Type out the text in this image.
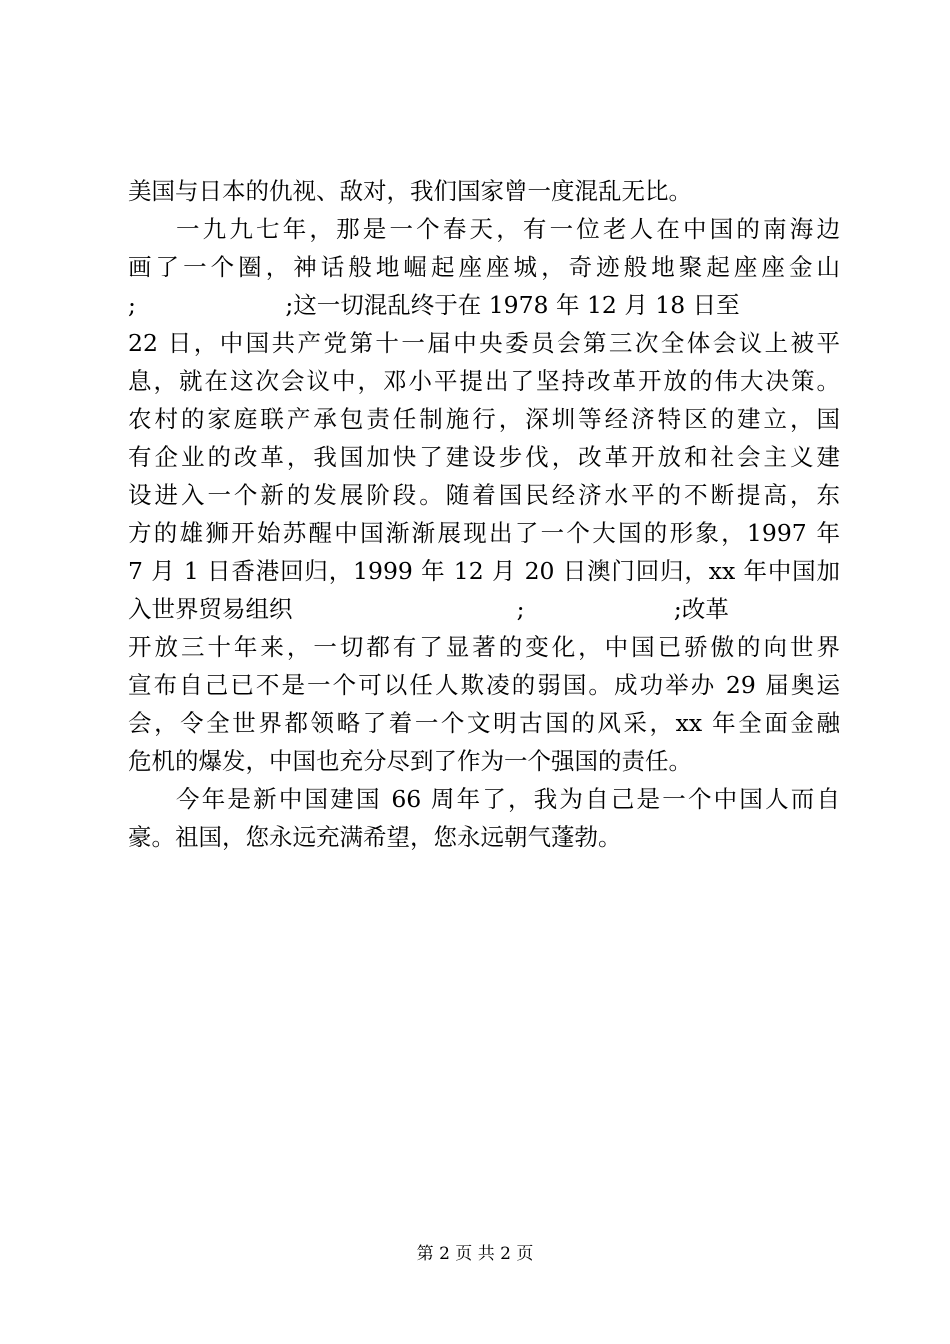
美国与日本的仇视、敌对，我们国家曾一度混乱无比。
一九九七年，那是一个春天，有一位老人在中国的南海边
画了一个圈，神话般地崛起座座城，奇迹般地聚起座座金山
;                    ;这一切混乱终于在 1978 年 12 月 18 日至
22 日，中国共产党第十一届中央委员会第三次全体会议上被平
息，就在这次会议中，邓小平提出了坚持改革开放的伟大决策。
农村的家庭联产承包责任制施行，深圳等经济特区的建立，国
有企业的改革，我国加快了建设步伐，改革开放和社会主义建
设进入一个新的发展阶段。随着国民经济水平的不断提高，东
方的雄狮开始苏醒中国渐渐展现出了一个大国的形象，1997 年
7 月 1 日香港回归，1999 年 12 月 20 日澳门回归，xx 年中国加
入世界贸易组织                              ;                    ;改革
开放三十年来，一切都有了显著的变化，中国已骄傲的向世界
宣布自己已不是一个可以任人欺凌的弱国。成功举办 29 届奥运
会，令全世界都领略了着一个文明古国的风采，xx 年全面金融
危机的爆发，中国也充分尽到了作为一个强国的责任。
今年是新中国建国 66 周年了，我为自己是一个中国人而自
豪。祖国，您永远充满希望，您永远朝气蓬勃。
第 2 页 共 2 页
